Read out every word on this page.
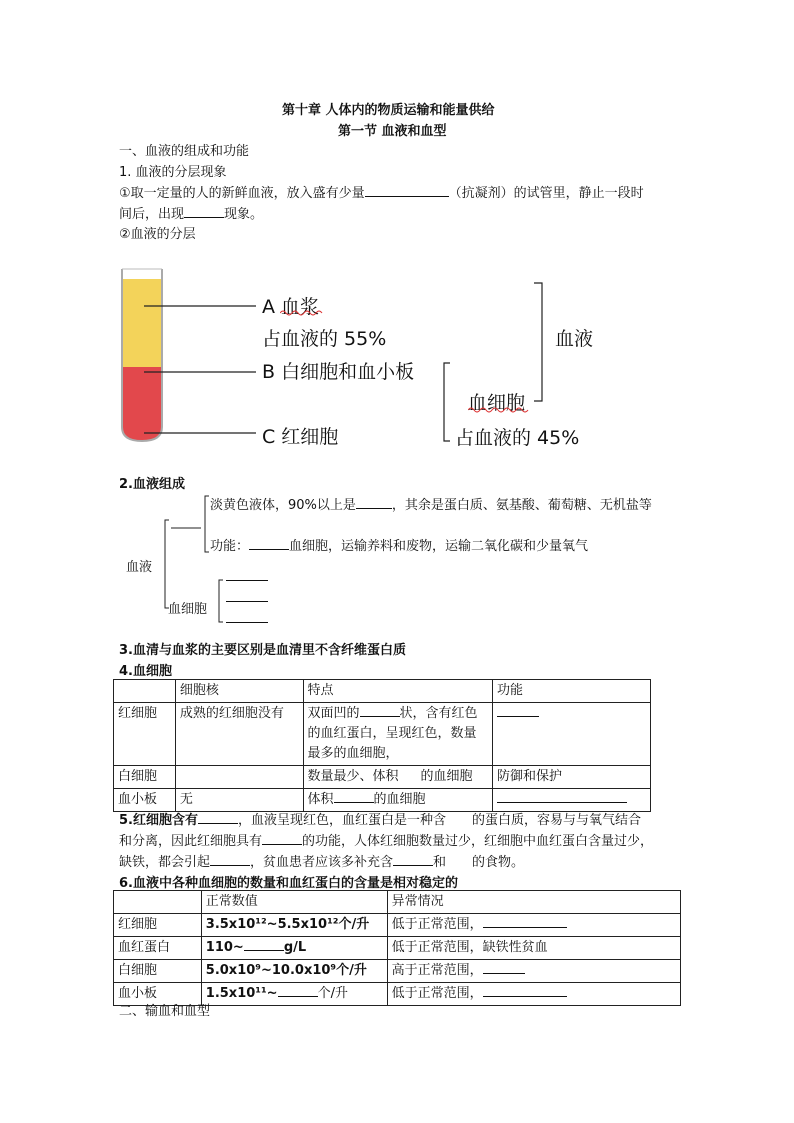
第十章 人体内的物质运输和能量供给
第一节 血液和血型
一、血液的组成和功能
1. 血液的分层现象
①取一定量的人的新鲜血液，放入盛有少量	（抗凝剂）的试管里，静止一段时
间后，出现	现象。
②血液的分层
A 血浆
占血液的 55%
B 白细胞和血小板
C 红细胞
血细胞
占血液的 45%
血液
2.血液组成
淡黄色液体，90%以上是	，其余是蛋白质、氨基酸、葡萄糖、无机盐等
功能：	血细胞，运输养料和废物，运输二氧化碳和少量氧气
血液
血细胞
3.血清与血浆的主要区别是血清里不含纤维蛋白质
4.血细胞
	细胞核	特点	功能
红细胞	成熟的红细胞没有	双面凹的 状，含有红色
的血红蛋白，呈现红色，数量
最多的血细胞，	
白细胞		数量最少、体积 的血细胞	防御和保护
血小板	无	体积 的血细胞	
5.红细胞含有	，血液呈现红色，血红蛋白是一种含 的蛋白质，容易与与氧气结合
和分离，因此红细胞具有	的功能，人体红细胞数量过少，红细胞中血红蛋白含量过少，
缺铁，都会引起	，贫血患者应该多补充含	和 的食物。
6.血液中各种血细胞的数量和血红蛋白的含量是相对稳定的
	正常数值	异常情况
红细胞	3.5x10¹²~5.5x10¹²个/升	低于正常范围，
血红蛋白	110~ g/L	低于正常范围，缺铁性贫血
白细胞	5.0x10⁹~10.0x10⁹个/升	高于正常范围，
血小板	1.5x10¹¹~ 个/升	低于正常范围，
二、输血和血型
